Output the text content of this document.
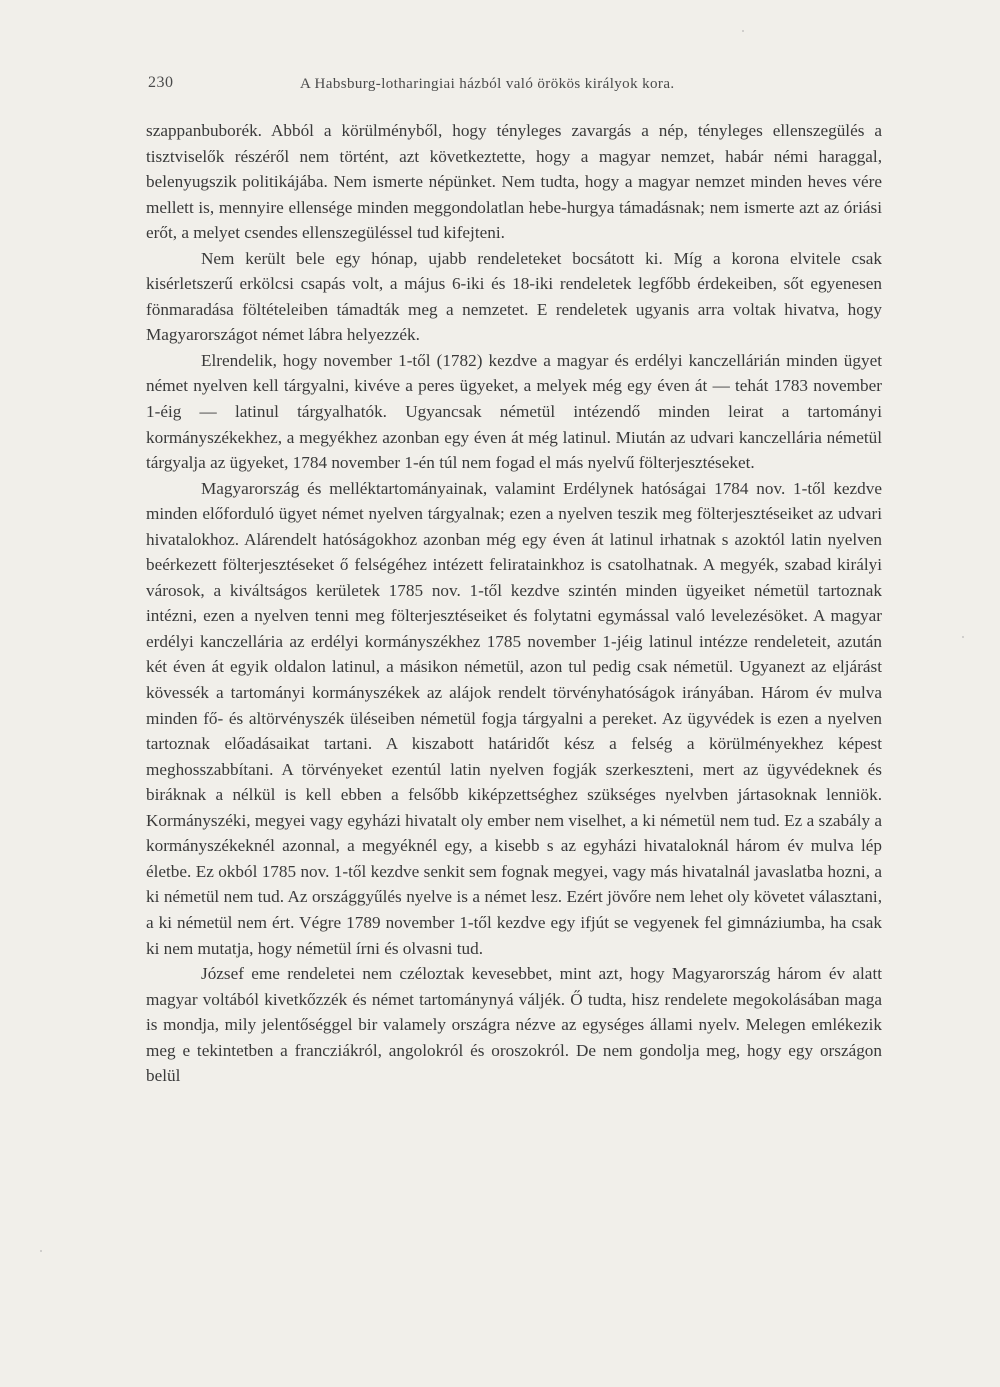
230	A Habsburg-lotharingiai házból való örökös királyok kora.

szappanbuborék. Abból a körülményből, hogy tényleges zavargás a nép, tényleges ellenszegülés a tisztviselők részéről nem történt, azt következtette, hogy a magyar nemzet, habár némi haraggal, belenyugszik politikájába. Nem ismerte népünket. Nem tudta, hogy a magyar nemzet minden heves vére mellett is, mennyire ellensége minden meggondolatlan hebe-hurgya támadásnak; nem ismerte azt az óriási erőt, a melyet csendes ellenszegüléssel tud kifejteni.

Nem került bele egy hónap, ujabb rendeleteket bocsátott ki. Míg a korona elvitele csak kisérletszerű erkölcsi csapás volt, a május 6-iki és 18-iki rendeletek legfőbb érdekeiben, sőt egyenesen fönmaradása föltételeiben támadták meg a nemzetet. E rendeletek ugyanis arra voltak hivatva, hogy Magyarországot német lábra helyezzék.

Elrendelik, hogy november 1-től (1782) kezdve a magyar és erdélyi kanczellárián minden ügyet német nyelven kell tárgyalni, kivéve a peres ügyeket, a melyek még egy éven át — tehát 1783 november 1-éig — latinul tárgyalhatók. Ugyancsak németül intézendő minden leirat a tartományi kormányszékekhez, a megyékhez azonban egy éven át még latinul. Miután az udvari kanczellária németül tárgyalja az ügyeket, 1784 november 1-én túl nem fogad el más nyelvű fölterjesztéseket.

Magyarország és melléktartományainak, valamint Erdélynek hatóságai 1784 nov. 1-től kezdve minden előforduló ügyet német nyelven tárgyalnak; ezen a nyelven teszik meg fölterjesztéseiket az udvari hivatalokhoz. Alárendelt hatóságokhoz azonban még egy éven át latinul irhatnak s azoktól latin nyelven beérkezett fölterjesztéseket ő felségéhez intézett feliratainkhoz is csatolhatnak. A megyék, szabad királyi városok, a kiváltságos kerületek 1785 nov. 1-től kezdve szintén minden ügyeiket németül tartoznak intézni, ezen a nyelven tenni meg fölterjesztéseiket és folytatni egymással való levelezésöket. A magyar erdélyi kanczellária az erdélyi kormányszékhez 1785 november 1-jéig latinul intézze rendeleteit, azután két éven át egyik oldalon latinul, a másikon németül, azon tul pedig csak németül. Ugyanezt az eljárást kövessék a tartományi kormányszékek az alájok rendelt törvényhatóságok irányában. Három év mulva minden fő- és altörvényszék üléseiben németül fogja tárgyalni a pereket. Az ügyvédek is ezen a nyelven tartoznak előadásaikat tartani. A kiszabott határidőt kész a felség a körülményekhez képest meghosszabbítani. A törvényeket ezentúl latin nyelven fogják szerkeszteni, mert az ügyvédeknek és biráknak a nélkül is kell ebben a felsőbb kiképzettséghez szükséges nyelvben jártasoknak lenniök. Kormányszéki, megyei vagy egyházi hivatalt oly ember nem viselhet, a ki németül nem tud. Ez a szabály a kormányszékeknél azonnal, a megyéknél egy, a kisebb s az egyházi hivataloknál három év mulva lép életbe. Ez okból 1785 nov. 1-től kezdve senkit sem fognak megyei, vagy más hivatalnál javaslatba hozni, a ki németül nem tud. Az országgyűlés nyelve is a német lesz. Ezért jövőre nem lehet oly követet választani, a ki németül nem ért. Végre 1789 november 1-től kezdve egy ifjút se vegyenek fel gimnáziumba, ha csak ki nem mutatja, hogy németül írni és olvasni tud.

József eme rendeletei nem czéloztak kevesebbet, mint azt, hogy Magyarország három év alatt magyar voltából kivetkőzzék és német tartománynyá váljék. Ő tudta, hisz rendelete megokolásában maga is mondja, mily jelentőséggel bir valamely országra nézve az egységes állami nyelv. Melegen emlékezik meg e tekintetben a francziákról, angolokról és oroszokról. De nem gondolja meg, hogy egy országon belül
